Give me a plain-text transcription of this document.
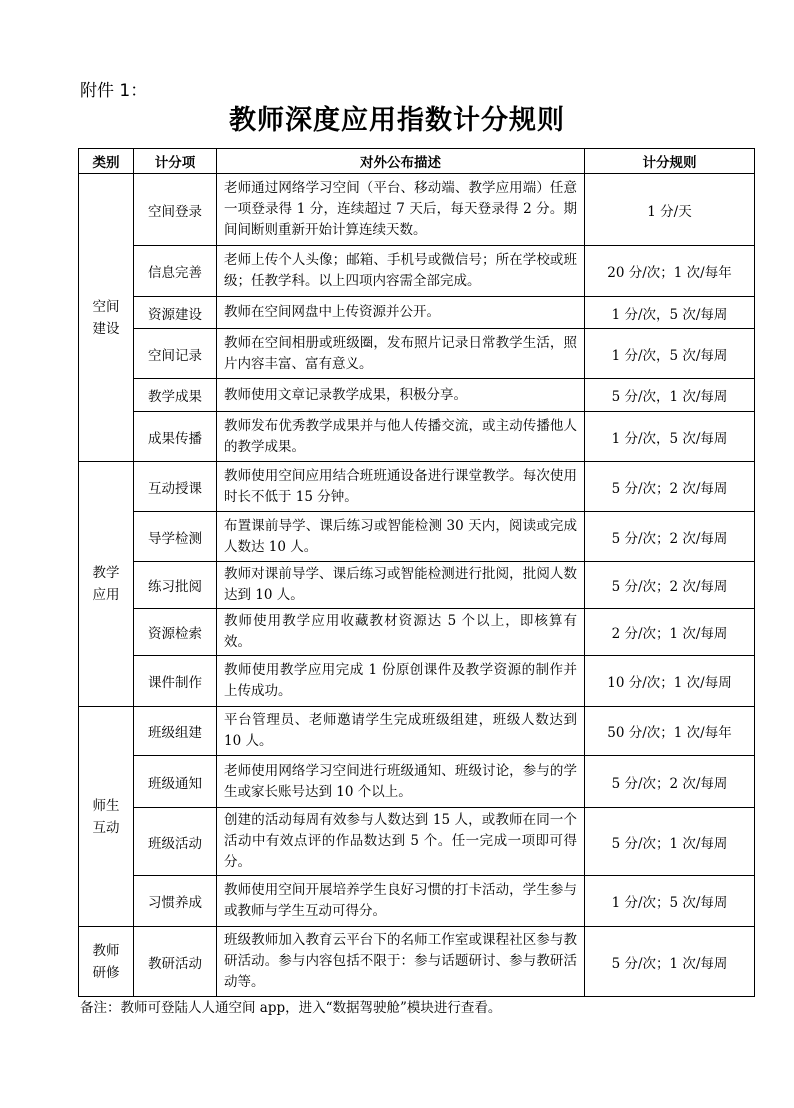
附件 1：
教师深度应用指数计分规则
类别	计分项	对外公布描述	计分规则
空间
建设	空间登录	老师通过网络学习空间（平台、移动端、教学应用端）任意一项登录得 1 分，连续超过 7 天后，每天登录得 2 分。期间间断则重新开始计算连续天数。	1 分/天
	信息完善	老师上传个人头像；邮箱、手机号或微信号；所在学校或班级；任教学科。以上四项内容需全部完成。	20 分/次；1 次/每年
	资源建设	教师在空间网盘中上传资源并公开。	1 分/次，5 次/每周
	空间记录	教师在空间相册或班级圈，发布照片记录日常教学生活，照片内容丰富、富有意义。	1 分/次，5 次/每周
	教学成果	教师使用文章记录教学成果，积极分享。	5 分/次，1 次/每周
	成果传播	教师发布优秀教学成果并与他人传播交流，或主动传播他人的教学成果。	1 分/次，5 次/每周
教学
应用	互动授课	教师使用空间应用结合班班通设备进行课堂教学。每次使用时长不低于 15 分钟。	5 分/次；2 次/每周
	导学检测	布置课前导学、课后练习或智能检测 30 天内，阅读或完成人数达 10 人。	5 分/次；2 次/每周
	练习批阅	教师对课前导学、课后练习或智能检测进行批阅，批阅人数达到 10 人。	5 分/次；2 次/每周
	资源检索	教师使用教学应用收藏教材资源达 5 个以上，即核算有效。	2 分/次；1 次/每周
	课件制作	教师使用教学应用完成 1 份原创课件及教学资源的制作并上传成功。	10 分/次；1 次/每周
师生
互动	班级组建	平台管理员、老师邀请学生完成班级组建，班级人数达到 10 人。	50 分/次；1 次/每年
	班级通知	老师使用网络学习空间进行班级通知、班级讨论，参与的学生或家长账号达到 10 个以上。	5 分/次；2 次/每周
	班级活动	创建的活动每周有效参与人数达到 15 人，或教师在同一个活动中有效点评的作品数达到 5 个。任一完成一项即可得分。	5 分/次；1 次/每周
	习惯养成	教师使用空间开展培养学生良好习惯的打卡活动，学生参与或教师与学生互动可得分。	1 分/次；5 次/每周
教师
研修	教研活动	班级教师加入教育云平台下的名师工作室或课程社区参与教研活动。参与内容包括不限于：参与话题研讨、参与教研活动等。	5 分/次；1 次/每周
备注：教师可登陆人人通空间 app，进入“数据驾驶舱”模块进行查看。
